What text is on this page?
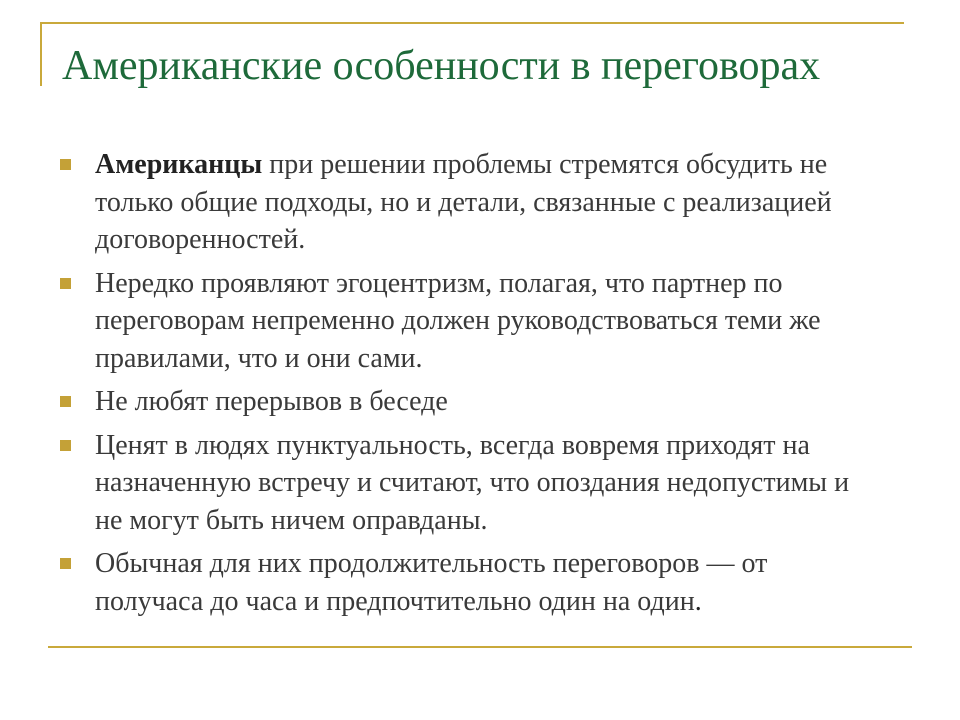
Американские особенности в переговорах
Американцы при решении проблемы стремятся обсудить не только общие подходы, но и детали, связанные с реализацией договоренностей.
Нередко проявляют эгоцентризм, полагая, что партнер по переговорам непременно должен руководствоваться теми же правилами, что и они сами.
Не любят перерывов в беседе
Ценят в людях пунктуальность, всегда вовремя приходят на назначенную встречу и считают, что опоздания недопустимы и не могут быть ничем оправданы.
Обычная для них продолжительность переговоров — от получаса до часа и предпочтительно один на один.
